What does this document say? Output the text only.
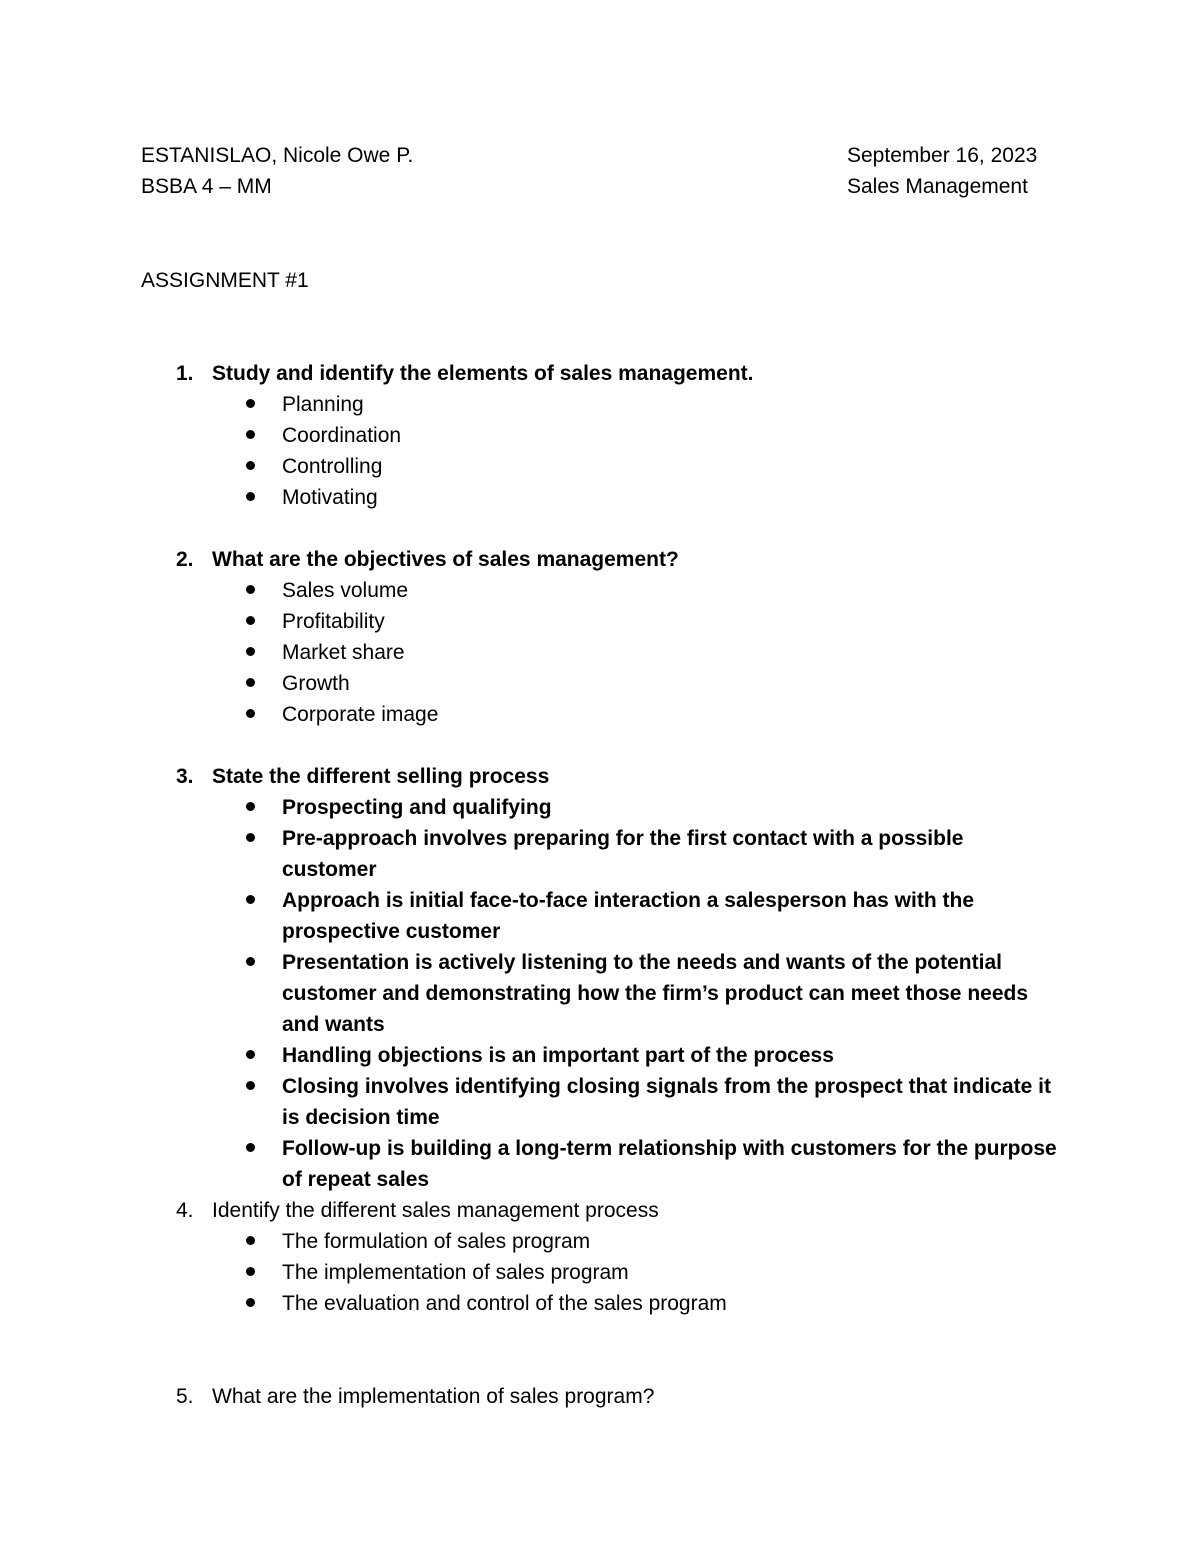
ESTANISLAO, Nicole Owe P.
BSBA 4 – MM
September 16, 2023
Sales Management
ASSIGNMENT #1
1. Study and identify the elements of sales management.
Planning
Coordination
Controlling
Motivating
2. What are the objectives of sales management?
Sales volume
Profitability
Market share
Growth
Corporate image
3. State the different selling process
Prospecting and qualifying
Pre-approach involves preparing for the first contact with a possible customer
Approach is initial face-to-face interaction a salesperson has with the prospective customer
Presentation is actively listening to the needs and wants of the potential customer and demonstrating how the firm’s product can meet those needs and wants
Handling objections is an important part of the process
Closing involves identifying closing signals from the prospect that indicate it is decision time
Follow-up is building a long-term relationship with customers for the purpose of repeat sales
4. Identify the different sales management process
The formulation of sales program
The implementation of sales program
The evaluation and control of the sales program
5. What are the implementation of sales program?
